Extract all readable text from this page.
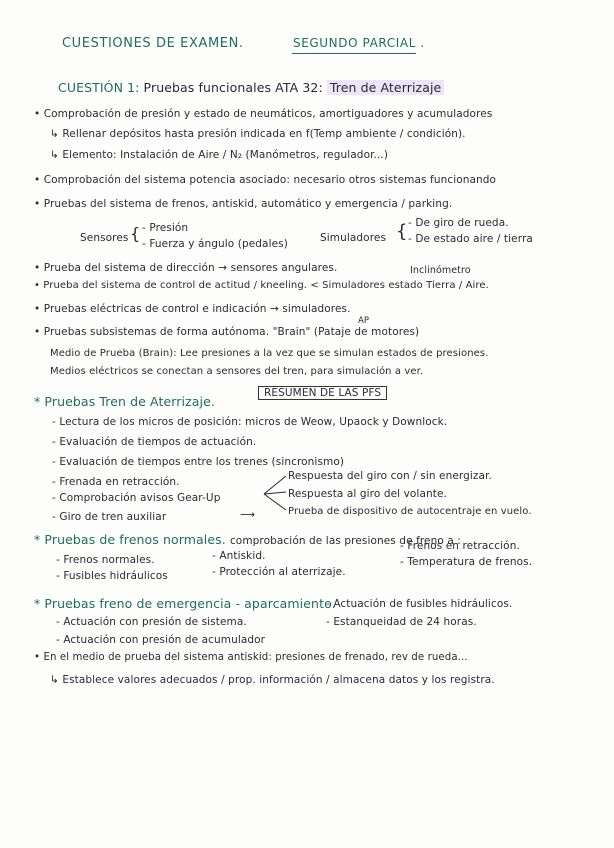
CUESTIONES DE EXAMEN.	SEGUNDO PARCIAL .
CUESTIÓN 1: Pruebas funcionales ATA 32: Tren de Aterrizaje
• Comprobación de presión y estado de neumáticos, amortiguadores y acumuladores
↳ Rellenar depósitos hasta presión indicada en f(Temp ambiente / condición).
↳ Elemento: Instalación de Aire / N₂ (Manómetros, regulador...)
• Comprobación del sistema potencia asociado: necesario otros sistemas funcionando
• Pruebas del sistema de frenos, antiskid, automático y emergencia / parking.
Sensores { - Presión
- Fuerza y ángulo (pedales)	Simuladores { - De giro de rueda.
- De estado aire / tierra
• Prueba del sistema de dirección → sensores angulares.	Inclinómetro
• Prueba del sistema de control de actitud / kneeling. < Simuladores estado Tierra / Aire.
• Pruebas eléctricas de control e indicación → simuladores.
AP
• Pruebas subsistemas de forma autónoma. "Brain" (Pataje de motores)
Medio de Prueba (Brain): Lee presiones a la vez que se simulan estados de presiones.
Medios eléctricos se conectan a sensores del tren, para simulación a ver.
* Pruebas Tren de Aterrizaje.
RESUMEN DE LAS PFS
- Lectura de los micros de posición: micros de Weow, Upaock y Downlock.
- Evaluación de tiempos de actuación.
- Evaluación de tiempos entre los trenes (sincronismo)
- Frenada en retracción.
- Comprobación avisos Gear-Up
- Giro de tren auxiliar	⟶
Respuesta del giro con / sin energizar.
Respuesta al giro del volante.
Prueba de dispositivo de autocentraje en vuelo.
* Pruebas de frenos normales. comprobación de las presiones de freno a :
- Frenos normales.
- Fusibles hidráulicos
- Antiskid.
- Protección al aterrizaje.
- Frenos en retracción.
- Temperatura de frenos.
* Pruebas freno de emergencia - aparcamiento.
- Actuación con presión de sistema.
- Actuación con presión de acumulador
- Actuación de fusibles hidráulicos.
- Estanqueidad de 24 horas.
• En el medio de prueba del sistema antiskid: presiones de frenado, rev de rueda...
↳ Establece valores adecuados / prop. información / almacena datos y los registra.
